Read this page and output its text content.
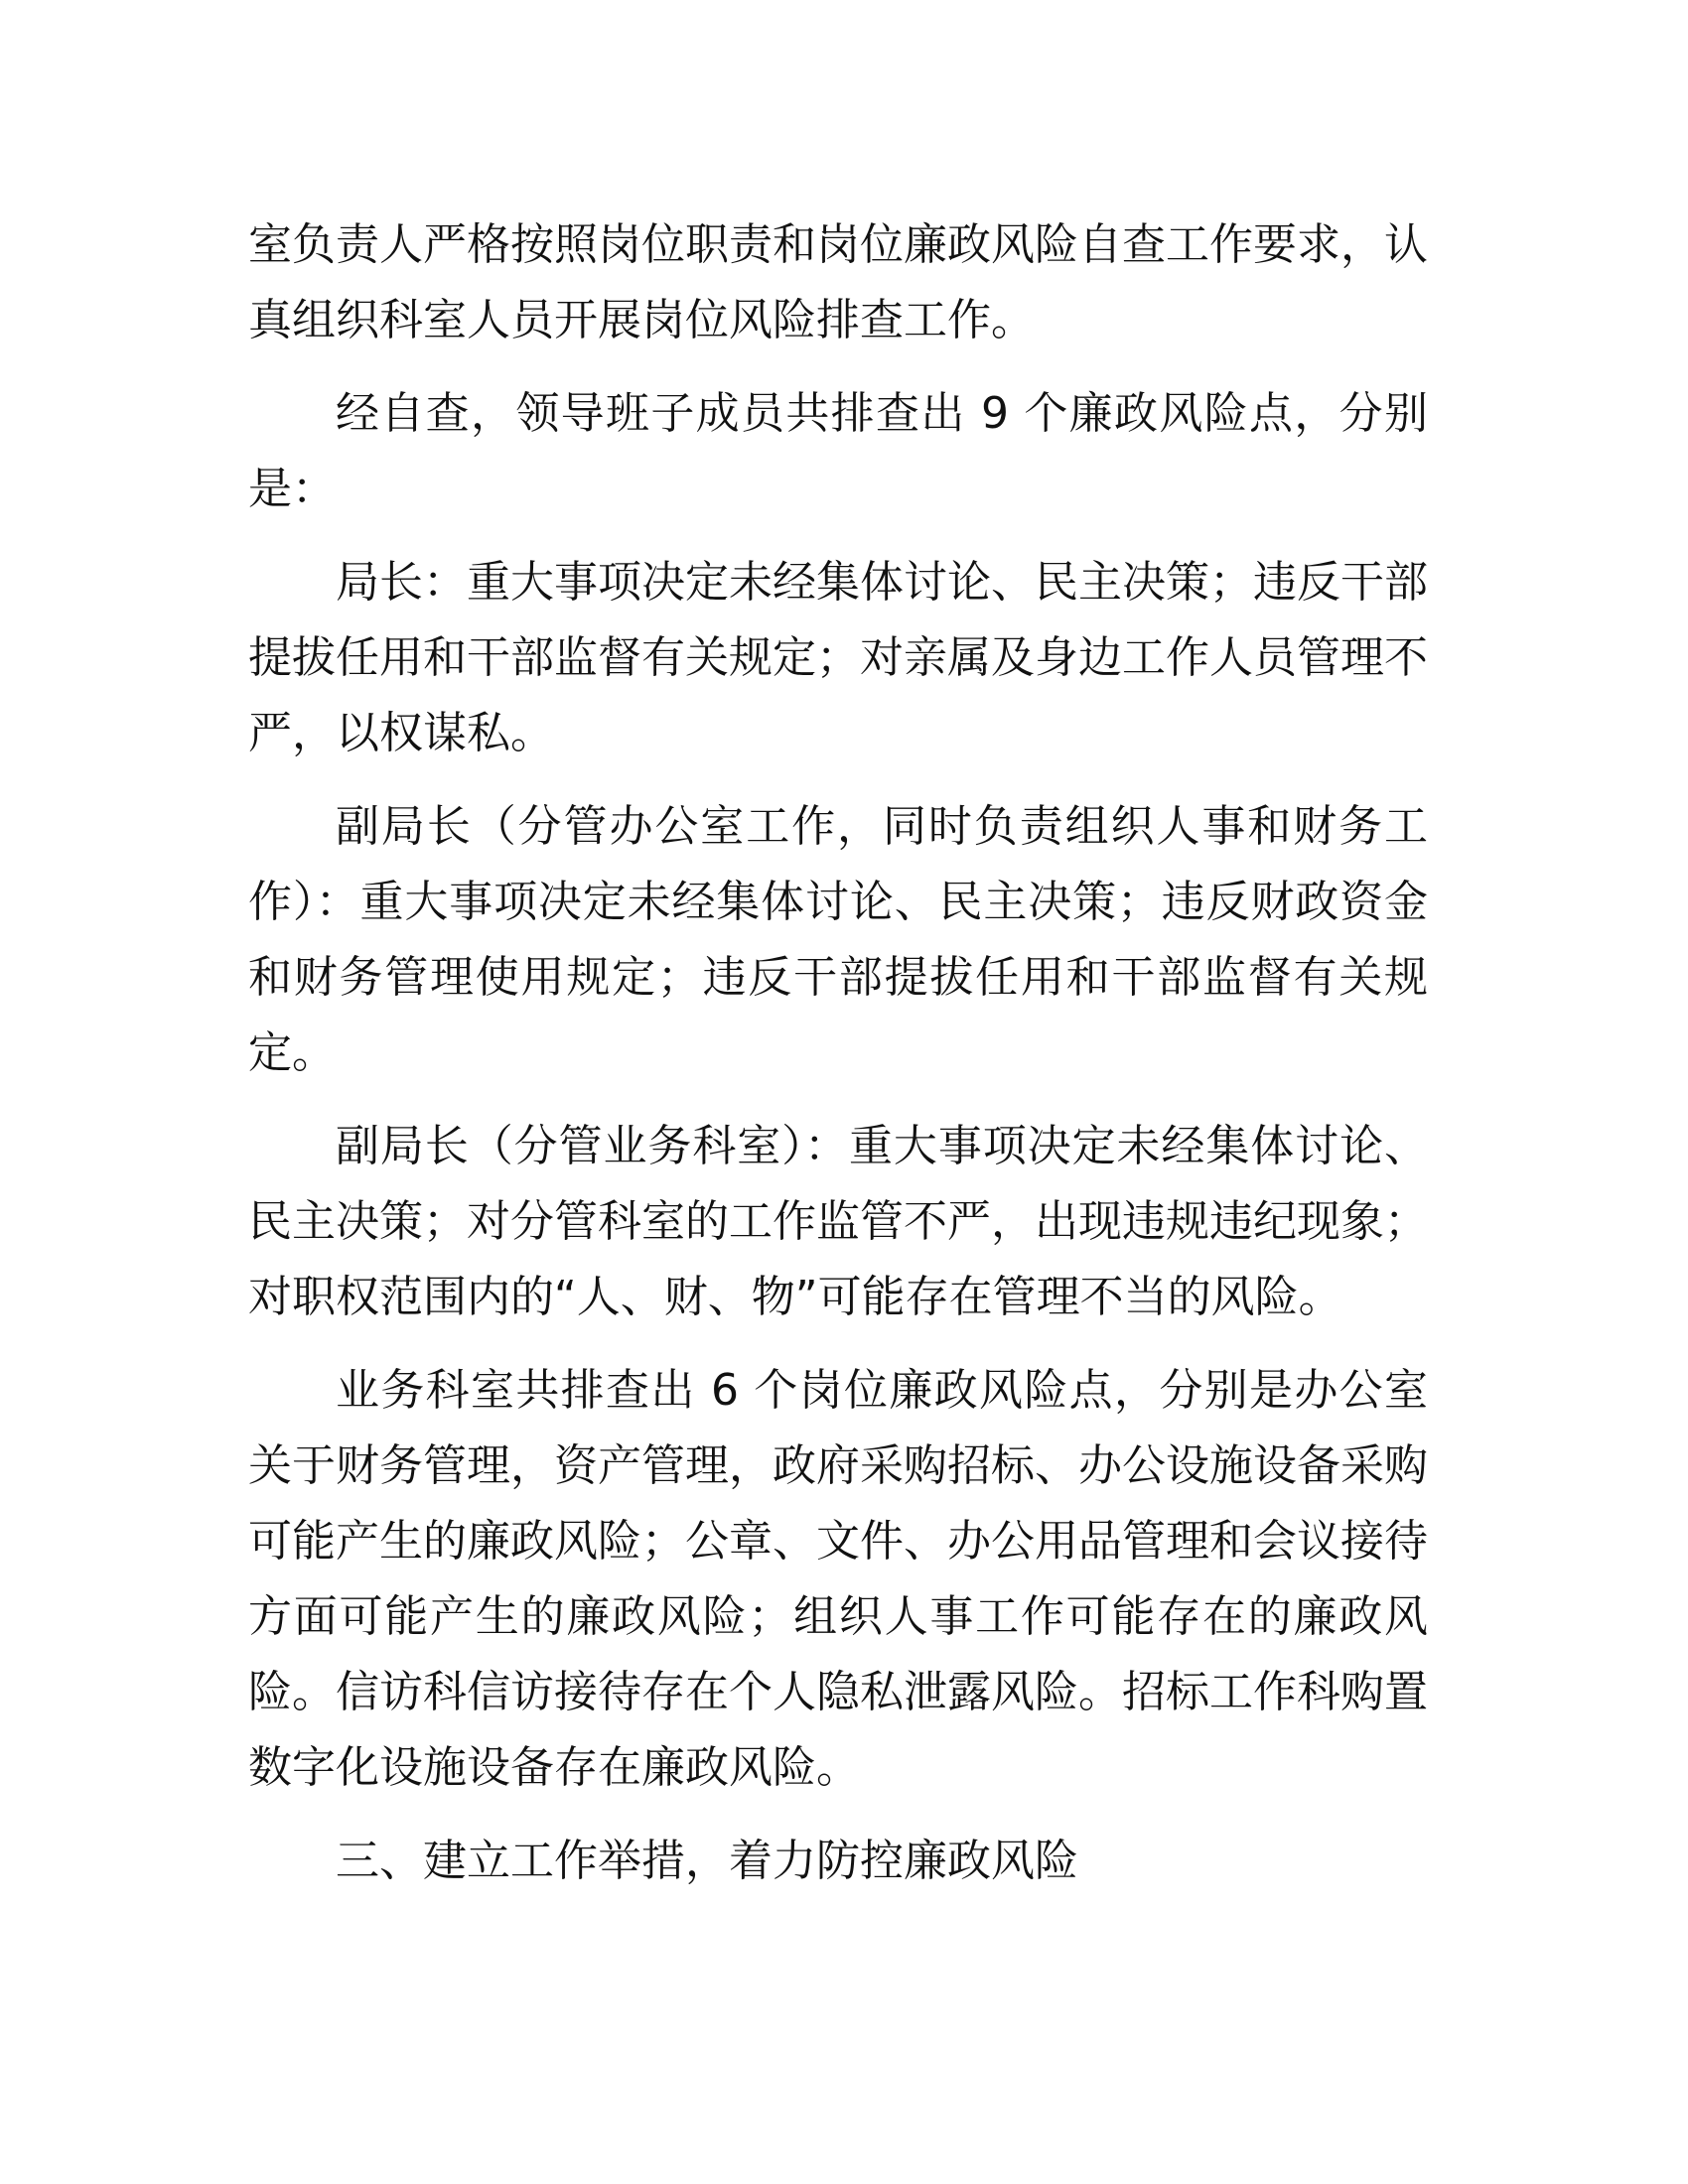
室负责人严格按照岗位职责和岗位廉政风险自查工作要求，认真组织科室人员开展岗位风险排查工作。

经自查，领导班子成员共排查出 9 个廉政风险点，分别是：

局长：重大事项决定未经集体讨论、民主决策；违反干部提拔任用和干部监督有关规定；对亲属及身边工作人员管理不严，以权谋私。

副局长（分管办公室工作，同时负责组织人事和财务工作）：重大事项决定未经集体讨论、民主决策；违反财政资金和财务管理使用规定；违反干部提拔任用和干部监督有关规定。

副局长（分管业务科室）：重大事项决定未经集体讨论、民主决策；对分管科室的工作监管不严，出现违规违纪现象；对职权范围内的“人、财、物”可能存在管理不当的风险。

业务科室共排查出 6 个岗位廉政风险点，分别是办公室关于财务管理，资产管理，政府采购招标、办公设施设备采购可能产生的廉政风险；公章、文件、办公用品管理和会议接待方面可能产生的廉政风险；组织人事工作可能存在的廉政风险。信访科信访接待存在个人隐私泄露风险。招标工作科购置数字化设施设备存在廉政风险。

三、建立工作举措，着力防控廉政风险
